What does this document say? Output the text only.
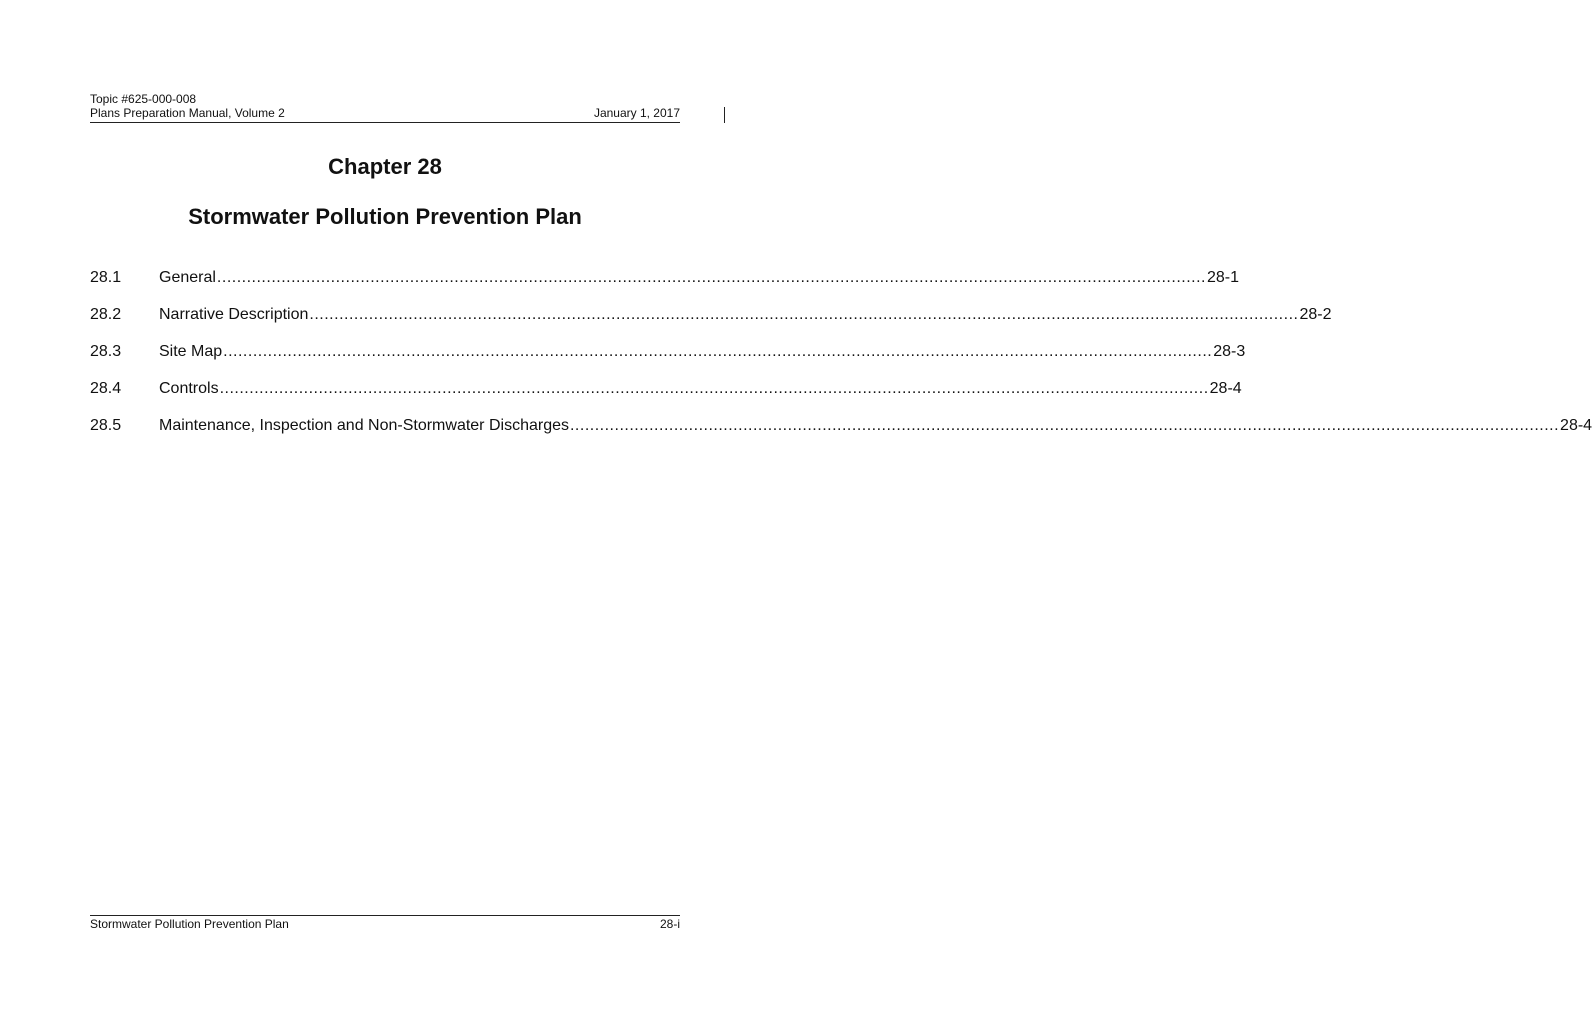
Topic #625-000-008
Plans Preparation Manual, Volume 2	January 1, 2017
Chapter 28
Stormwater Pollution Prevention Plan
28.1	General ........................................................................................................................................................................................................ 28-1
28.2	Narrative Description ........................................................................................................................................................................................................ 28-2
28.3	Site Map ........................................................................................................................................................................................................ 28-3
28.4	Controls ........................................................................................................................................................................................................ 28-4
28.5	Maintenance, Inspection and Non-Stormwater Discharges ........................................................................................................................................................................................................ 28-4
Stormwater Pollution Prevention Plan	28-i
